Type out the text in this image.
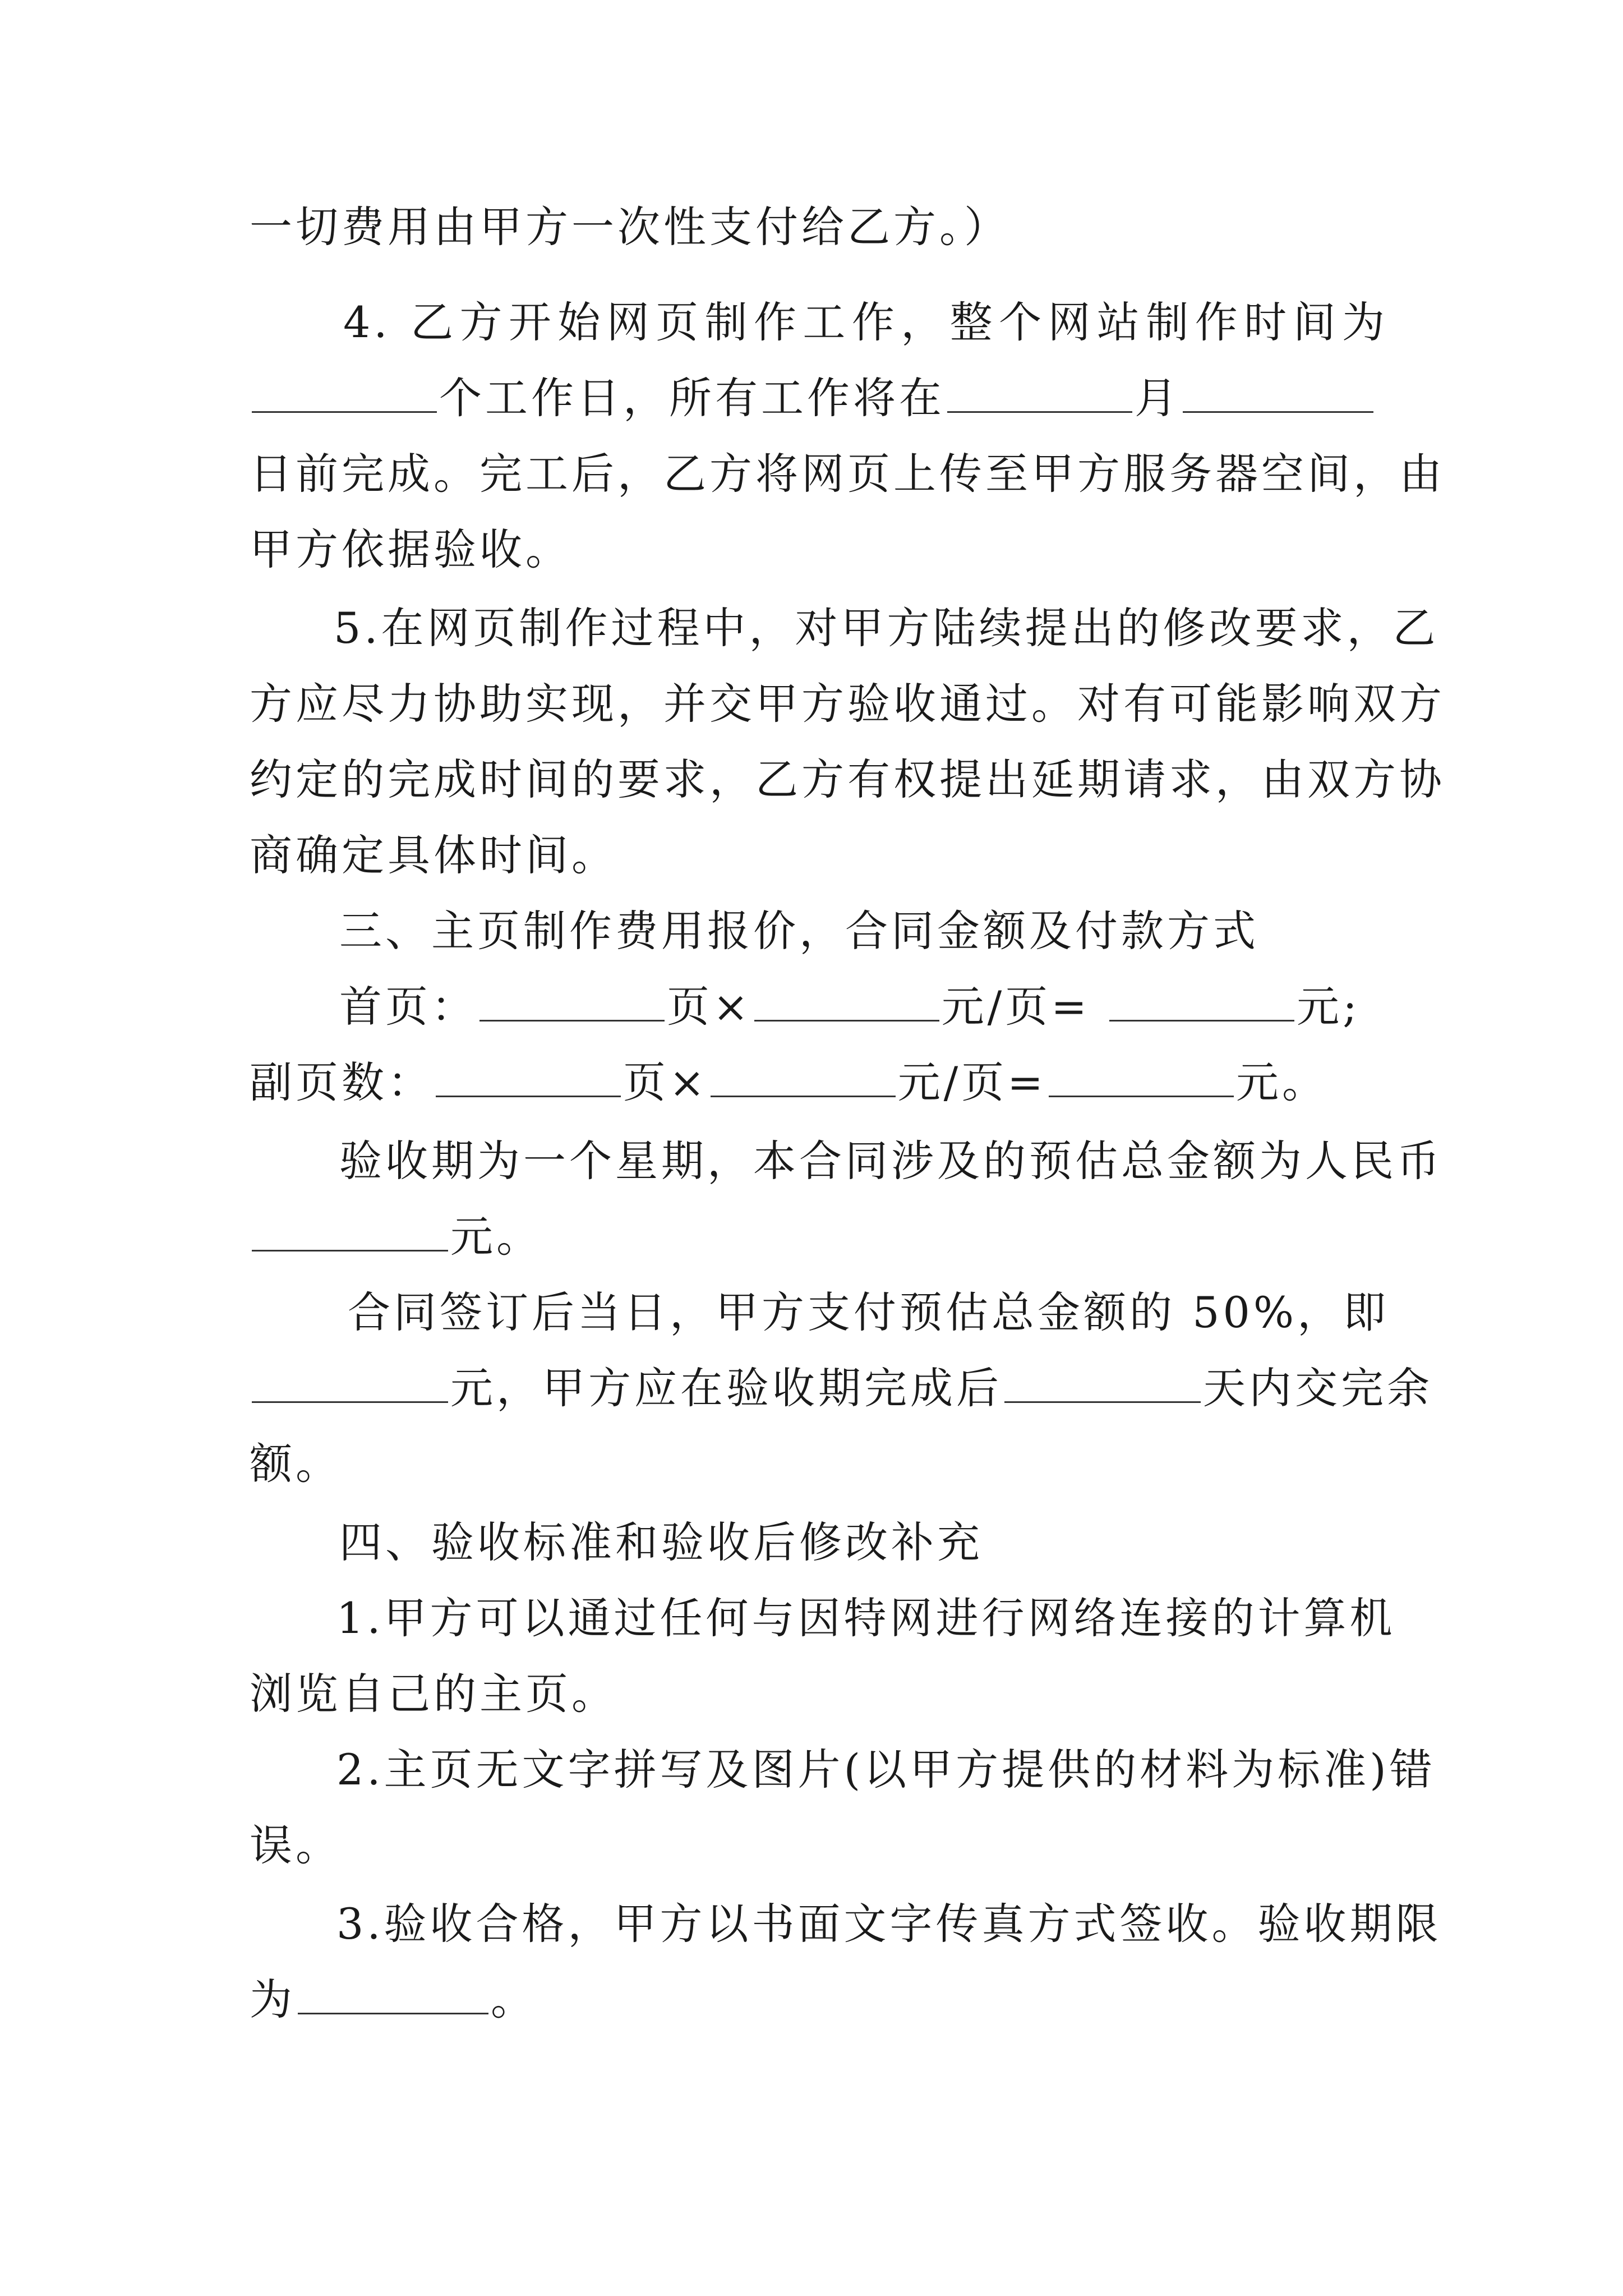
一切费用由甲方一次性支付给乙方。）
4. 乙方开始网页制作工作，整个网站制作时间为
个工作日，所有工作将在	月
日前完成。完工后，乙方将网页上传至甲方服务器空间，由
甲方依据验收。
5.在网页制作过程中，对甲方陆续提出的修改要求，乙
方应尽力协助实现，并交甲方验收通过。对有可能影响双方
约定的完成时间的要求，乙方有权提出延期请求，由双方协
商确定具体时间。
三、主页制作费用报价，合同金额及付款方式
首页：	页×	元/页=	元;
副页数：	页×	元/页=	元。
验收期为一个星期，本合同涉及的预估总金额为人民币
元。
合同签订后当日，甲方支付预估总金额的 50%，即
元，甲方应在验收期完成后	天内交完余
额。
四、验收标准和验收后修改补充
1.甲方可以通过任何与因特网进行网络连接的计算机
浏览自己的主页。
2.主页无文字拼写及图片(以甲方提供的材料为标准)错
误。
3.验收合格，甲方以书面文字传真方式签收。验收期限
为	。
